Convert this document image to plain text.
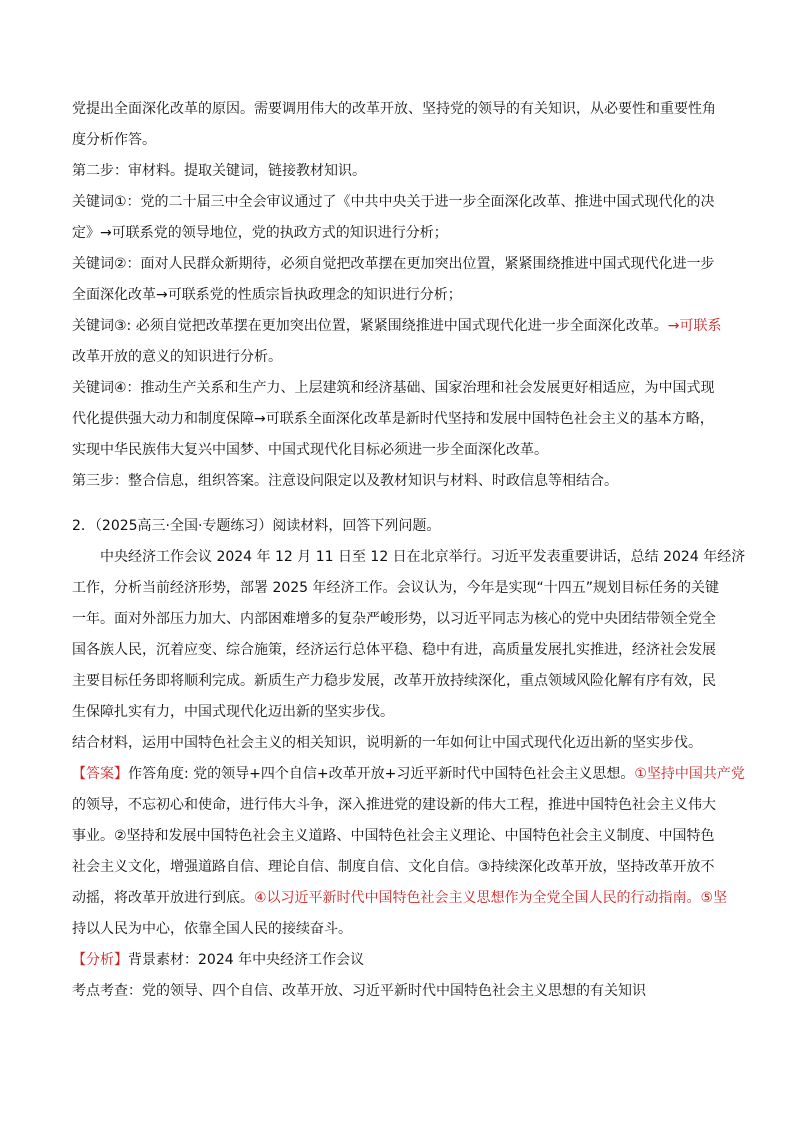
党提出全面深化改革的原因。需要调用伟大的改革开放、坚持党的领导的有关知识，从必要性和重要性角
度分析作答。
第二步：审材料。提取关键词，链接教材知识。
关键词①：党的二十届三中全会审议通过了《中共中央关于进一步全面深化改革、推进中国式现代化的决
定》→可联系党的领导地位，党的执政方式的知识进行分析；
关键词②：面对人民群众新期待，必须自觉把改革摆在更加突出位置，紧紧围绕推进中国式现代化进一步
全面深化改革→可联系党的性质宗旨执政理念的知识进行分析；
关键词③: 必须自觉把改革摆在更加突出位置，紧紧围绕推进中国式现代化进一步全面深化改革。→可联系
改革开放的意义的知识进行分析。
关键词④：推动生产关系和生产力、上层建筑和经济基础、国家治理和社会发展更好相适应，为中国式现
代化提供强大动力和制度保障→可联系全面深化改革是新时代坚持和发展中国特色社会主义的基本方略，
实现中华民族伟大复兴中国梦、中国式现代化目标必须进一步全面深化改革。
第三步：整合信息，组织答案。注意设问限定以及教材知识与材料、时政信息等相结合。
2．（2025高三·全国·专题练习）阅读材料，回答下列问题。
中央经济工作会议 2024 年 12 月 11 日至 12 日在北京举行。习近平发表重要讲话，总结 2024 年经济
工作，分析当前经济形势，部署 2025 年经济工作。会议认为，今年是实现“十四五”规划目标任务的关键
一年。面对外部压力加大、内部困难增多的复杂严峻形势，以习近平同志为核心的党中央团结带领全党全
国各族人民，沉着应变、综合施策，经济运行总体平稳、稳中有进，高质量发展扎实推进，经济社会发展
主要目标任务即将顺利完成。新质生产力稳步发展，改革开放持续深化，重点领域风险化解有序有效，民
生保障扎实有力，中国式现代化迈出新的坚实步伐。
结合材料，运用中国特色社会主义的相关知识，说明新的一年如何让中国式现代化迈出新的坚实步伐。
【答案】作答角度: 党的领导+四个自信+改革开放+习近平新时代中国特色社会主义思想。①坚持中国共产党
的领导，不忘初心和使命，进行伟大斗争，深入推进党的建设新的伟大工程，推进中国特色社会主义伟大
事业。②坚持和发展中国特色社会主义道路、中国特色社会主义理论、中国特色社会主义制度、中国特色
社会主义文化，增强道路自信、理论自信、制度自信、文化自信。③持续深化改革开放，坚持改革开放不
动摇，将改革开放进行到底。④以习近平新时代中国特色社会主义思想作为全党全国人民的行动指南。⑤坚
持以人民为中心，依靠全国人民的接续奋斗。
【分析】背景素材：2024 年中央经济工作会议
考点考查：党的领导、四个自信、改革开放、习近平新时代中国特色社会主义思想的有关知识
